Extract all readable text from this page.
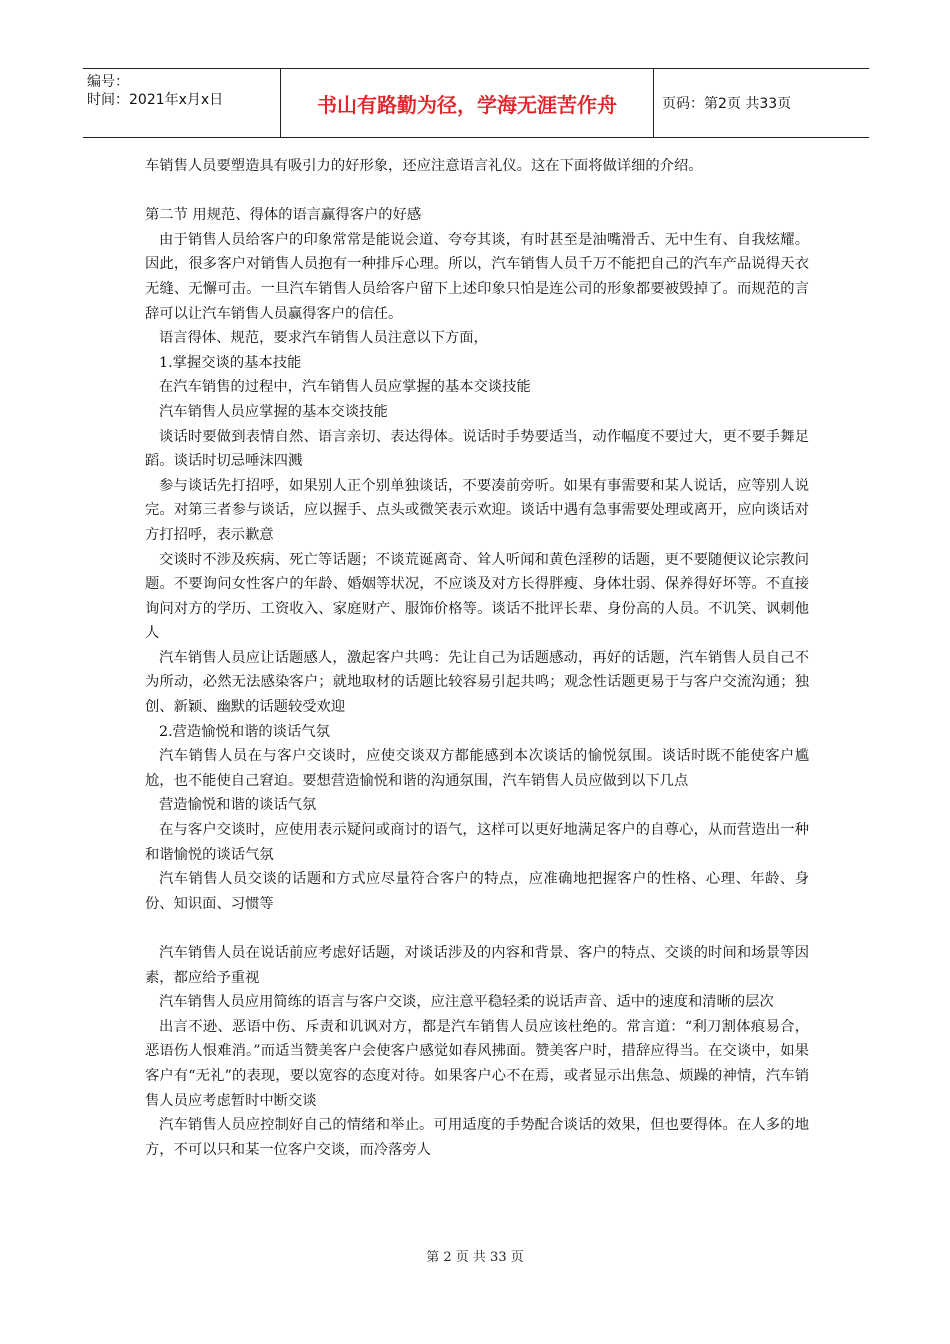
编号：
时间：2021年x月x日	书山有路勤为径，学海无涯苦作舟	页码：第2页 共33页

车销售人员要塑造具有吸引力的好形象，还应注意语言礼仪。这在下面将做详细的介绍。

第二节 用规范、得体的语言赢得客户的好感

由于销售人员给客户的印象常常是能说会道、夸夸其谈，有时甚至是油嘴滑舌、无中生有、自我炫耀。因此，很多客户对销售人员抱有一种排斥心理。所以，汽车销售人员千万不能把自己的汽车产品说得天衣无缝、无懈可击。一旦汽车销售人员给客户留下上述印象只怕是连公司的形象都要被毁掉了。而规范的言辞可以让汽车销售人员赢得客户的信任。

语言得体、规范，要求汽车销售人员注意以下方面，

1.掌握交谈的基本技能

在汽车销售的过程中，汽车销售人员应掌握的基本交谈技能

汽车销售人员应掌握的基本交谈技能

谈话时要做到表情自然、语言亲切、表达得体。说话时手势要适当，动作幅度不要过大，更不要手舞足蹈。谈话时切忌唾沫四溅

参与谈话先打招呼，如果别人正个别单独谈话，不要凑前旁听。如果有事需要和某人说话，应等别人说完。对第三者参与谈话，应以握手、点头或微笑表示欢迎。谈话中遇有急事需要处理或离开，应向谈话对方打招呼，表示歉意

交谈时不涉及疾病、死亡等话题；不谈荒诞离奇、耸人听闻和黄色淫秽的话题，更不要随便议论宗教问题。不要询问女性客户的年龄、婚姻等状况，不应谈及对方长得胖瘦、身体壮弱、保养得好坏等。不直接询问对方的学历、工资收入、家庭财产、服饰价格等。谈话不批评长辈、身份高的人员。不讥笑、讽刺他人

汽车销售人员应让话题感人，激起客户共鸣：先让自己为话题感动，再好的话题，汽车销售人员自己不为所动，必然无法感染客户；就地取材的话题比较容易引起共鸣；观念性话题更易于与客户交流沟通；独创、新颖、幽默的话题较受欢迎

2.营造愉悦和谐的谈话气氛

汽车销售人员在与客户交谈时，应使交谈双方都能感到本次谈话的愉悦氛围。谈话时既不能使客户尴尬，也不能使自己窘迫。要想营造愉悦和谐的沟通氛围，汽车销售人员应做到以下几点

营造愉悦和谐的谈话气氛

在与客户交谈时，应使用表示疑问或商讨的语气，这样可以更好地满足客户的自尊心，从而营造出一种和谐愉悦的谈话气氛

汽车销售人员交谈的话题和方式应尽量符合客户的特点，应准确地把握客户的性格、心理、年龄、身份、知识面、习惯等

汽车销售人员在说话前应考虑好话题，对谈话涉及的内容和背景、客户的特点、交谈的时间和场景等因素，都应给予重视

汽车销售人员应用简练的语言与客户交谈，应注意平稳轻柔的说话声音、适中的速度和清晰的层次

出言不逊、恶语中伤、斥责和讥讽对方，都是汽车销售人员应该杜绝的。常言道：“利刀割体痕易合，恶语伤人恨难消。”而适当赞美客户会使客户感觉如春风拂面。赞美客户时，措辞应得当。在交谈中，如果客户有“无礼”的表现，要以宽容的态度对待。如果客户心不在焉，或者显示出焦急、烦躁的神情，汽车销售人员应考虑暂时中断交谈

汽车销售人员应控制好自己的情绪和举止。可用适度的手势配合谈话的效果，但也要得体。在人多的地方，不可以只和某一位客户交谈，而冷落旁人

第 2 页 共 33 页
